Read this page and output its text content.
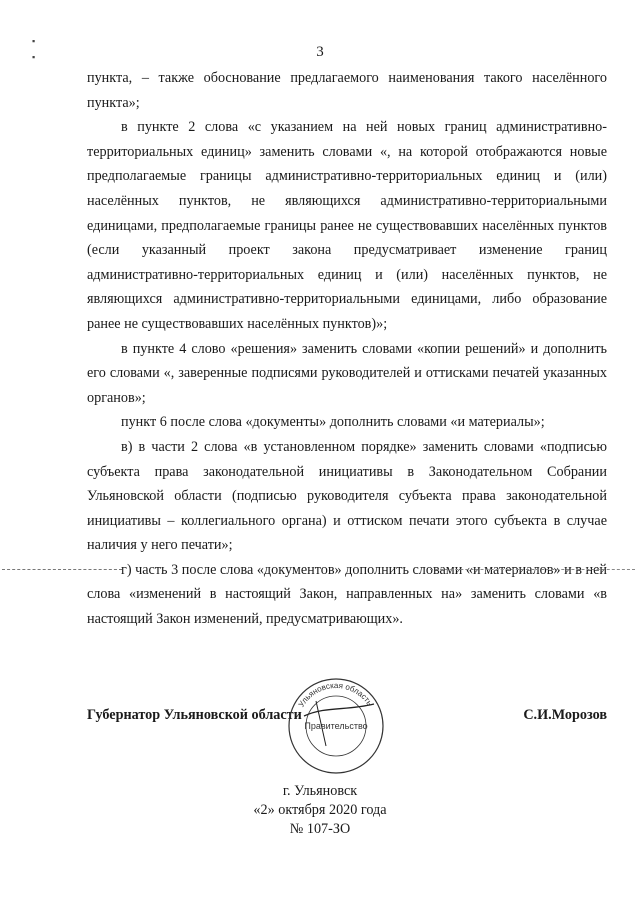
▪
▪	3

пункта, – также обоснование предлагаемого наименования такого населённого пункта»;

в пункте 2 слова «с указанием на ней новых границ административно-территориальных единиц» заменить словами «, на которой отображаются новые предполагаемые границы административно-территориальных единиц и (или) населённых пунктов, не являющихся административно-территориальными единицами, предполагаемые границы ранее не существовавших населённых пунктов (если указанный проект закона предусматривает изменение границ административно-территориальных единиц и (или) населённых пунктов, не являющихся административно-территориальными единицами, либо образование ранее не существовавших населённых пунктов)»;

в пункте 4 слово «решения» заменить словами «копии решений» и дополнить его словами «, заверенные подписями руководителей и оттисками печатей указанных органов»;

пункт 6 после слова «документы» дополнить словами «и материалы»;

в) в части 2 слова «в установленном порядке» заменить словами «подписью субъекта права законодательной инициативы в Законодательном Собрании Ульяновской области (подписью руководителя субъекта права законодательной инициативы – коллегиального органа) и оттиском печати этого субъекта в случае наличия у него печати»;

г) часть 3 после слова «документов» дополнить словами «и материалов» и в ней слова «изменений в настоящий Закон, направленных на» заменить словами «в настоящий Закон изменений, предусматривающих».

Губернатор Ульяновской области	С.И.Морозов
Ульяновская область
Правительство
г. Ульяновск
«2» октября 2020 года
№ 107-ЗО
